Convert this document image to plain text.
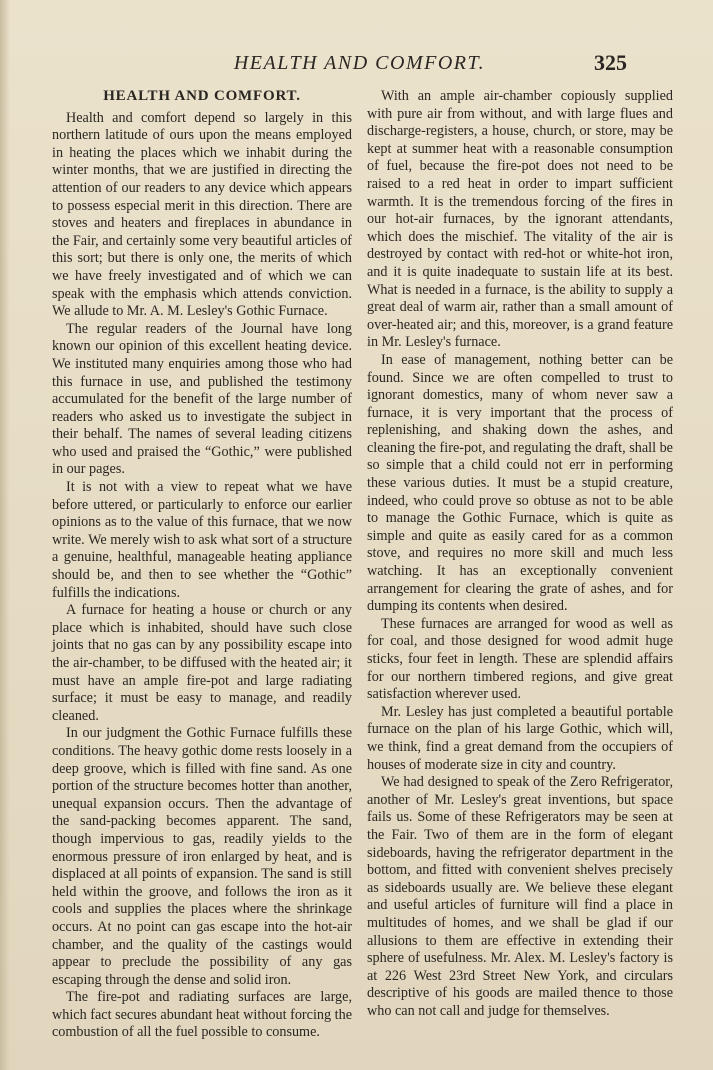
HEALTH AND COMFORT.	325
HEALTH AND COMFORT.

Health and comfort depend so largely in this northern latitude of ours upon the means employed in heating the places which we inhabit during the winter months, that we are justified in directing the attention of our readers to any device which appears to possess especial merit in this direction. There are stoves and heaters and fireplaces in abundance in the Fair, and certainly some very beautiful articles of this sort; but there is only one, the merits of which we have freely investigated and of which we can speak with the emphasis which attends conviction. We allude to Mr. A. M. Lesley's Gothic Furnace.

The regular readers of the Journal have long known our opinion of this excellent heating device. We instituted many enquiries among those who had this furnace in use, and published the testimony accumulated for the benefit of the large number of readers who asked us to investigate the subject in their behalf. The names of several leading citizens who used and praised the “Gothic,” were published in our pages.

It is not with a view to repeat what we have before uttered, or particularly to enforce our earlier opinions as to the value of this furnace, that we now write. We merely wish to ask what sort of a structure a genuine, healthful, manageable heating appliance should be, and then to see whether the “Gothic” fulfills the indications.

A furnace for heating a house or church or any place which is inhabited, should have such close joints that no gas can by any possibility escape into the air-chamber, to be diffused with the heated air; it must have an ample fire-pot and large radiating surface; it must be easy to manage, and readily cleaned.

In our judgment the Gothic Furnace fulfills these conditions. The heavy gothic dome rests loosely in a deep groove, which is filled with fine sand. As one portion of the structure becomes hotter than another, unequal expansion occurs. Then the advantage of the sand-packing becomes apparent. The sand, though impervious to gas, readily yields to the enormous pressure of iron enlarged by heat, and is displaced at all points of expansion. The sand is still held within the groove, and follows the iron as it cools and supplies the places where the shrinkage occurs. At no point can gas escape into the hot-air chamber, and the quality of the castings would appear to preclude the possibility of any gas escaping through the dense and solid iron.

The fire-pot and radiating surfaces are large, which fact secures abundant heat without forcing the combustion of all the fuel possible to consume.

With an ample air-chamber copiously supplied with pure air from without, and with large flues and discharge-registers, a house, church, or store, may be kept at summer heat with a reasonable consumption of fuel, because the fire-pot does not need to be raised to a red heat in order to impart sufficient warmth. It is the tremendous forcing of the fires in our hot-air furnaces, by the ignorant attendants, which does the mischief. The vitality of the air is destroyed by contact with red-hot or white-hot iron, and it is quite inadequate to sustain life at its best. What is needed in a furnace, is the ability to supply a great deal of warm air, rather than a small amount of over-heated air; and this, moreover, is a grand feature in Mr. Lesley's furnace.

In ease of management, nothing better can be found. Since we are often compelled to trust to ignorant domestics, many of whom never saw a furnace, it is very important that the process of replenishing, and shaking down the ashes, and cleaning the fire-pot, and regulating the draft, shall be so simple that a child could not err in performing these various duties. It must be a stupid creature, indeed, who could prove so obtuse as not to be able to manage the Gothic Furnace, which is quite as simple and quite as easily cared for as a common stove, and requires no more skill and much less watching. It has an exceptionally convenient arrangement for clearing the grate of ashes, and for dumping its contents when desired.

These furnaces are arranged for wood as well as for coal, and those designed for wood admit huge sticks, four feet in length. These are splendid affairs for our northern timbered regions, and give great satisfaction wherever used.

Mr. Lesley has just completed a beautiful portable furnace on the plan of his large Gothic, which will, we think, find a great demand from the occupiers of houses of moderate size in city and country.

We had designed to speak of the Zero Refrigerator, another of Mr. Lesley's great inventions, but space fails us. Some of these Refrigerators may be seen at the Fair. Two of them are in the form of elegant sideboards, having the refrigerator department in the bottom, and fitted with convenient shelves precisely as sideboards usually are. We believe these elegant and useful articles of furniture will find a place in multitudes of homes, and we shall be glad if our allusions to them are effective in extending their sphere of usefulness. Mr. Alex. M. Lesley's factory is at 226 West 23rd Street New York, and circulars descriptive of his goods are mailed thence to those who can not call and judge for themselves.
